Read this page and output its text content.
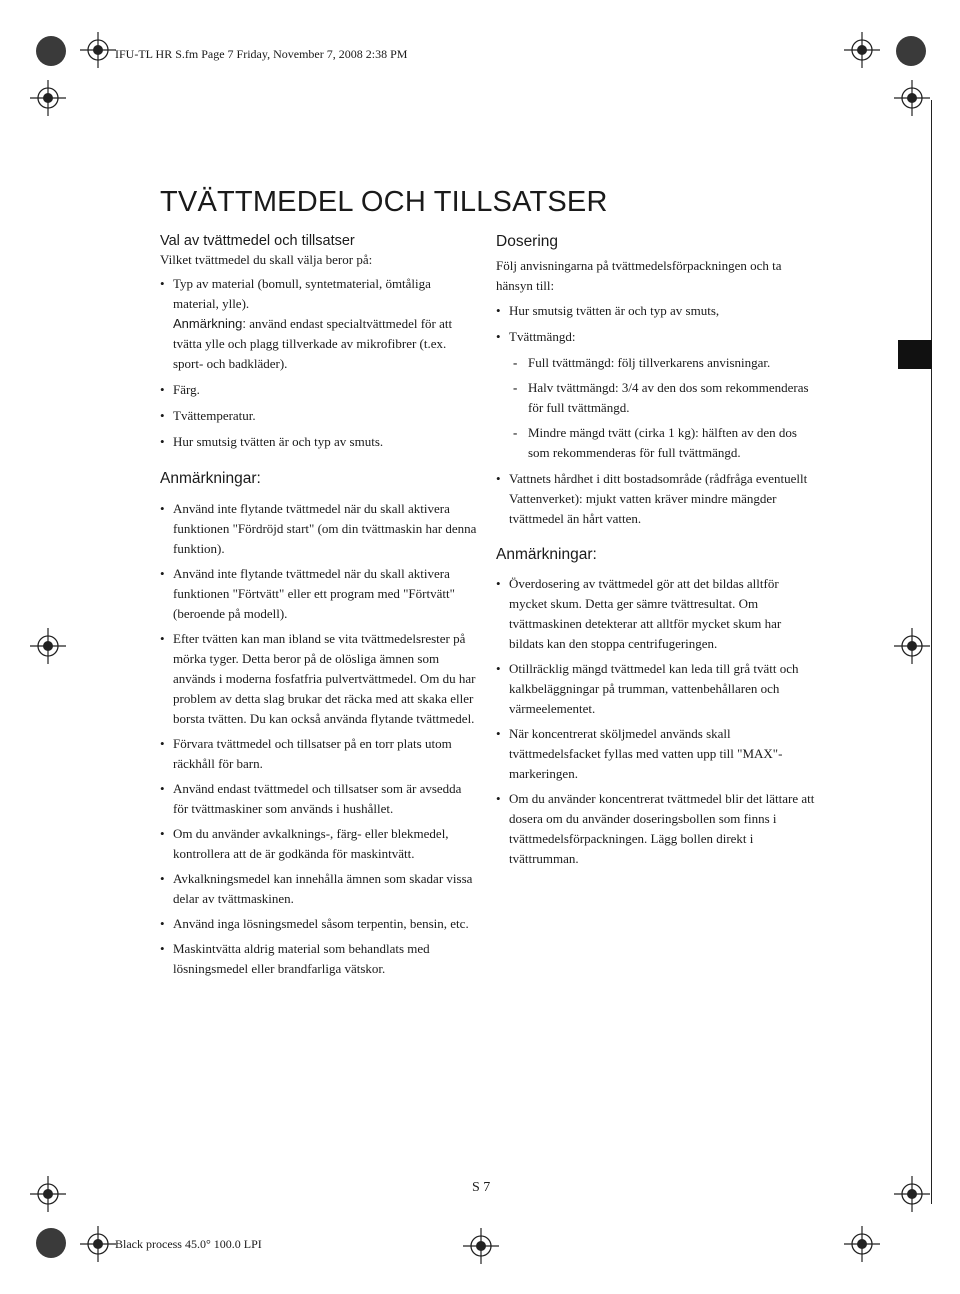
IFU-TL HR S.fm Page 7 Friday, November 7, 2008 2:38 PM
Black process 45.0° 100.0 LPI
S 7
TVÄTTMEDEL OCH TILLSATSER
Val av tvättmedel och tillsatser

Vilket tvättmedel du skall välja beror på:

• Typ av material (bomull, syntetmaterial, ömtåliga material, ylle).
Anmärkning: använd endast specialtvättmedel för att tvätta ylle och plagg tillverkade av mikrofibrer (t.ex. sport- och badkläder).
• Färg.
• Tvättemperatur.
• Hur smutsig tvätten är och typ av smuts.
Anmärkningar:
• Använd inte flytande tvättmedel när du skall aktivera funktionen "Fördröjd start" (om din tvättmaskin har denna funktion).
• Använd inte flytande tvättmedel när du skall aktivera funktionen "Förtvätt" eller ett program med "Förtvätt" (beroende på modell).
• Efter tvätten kan man ibland se vita tvättmedelsrester på mörka tyger. Detta beror på de olösliga ämnen som används i moderna fosfatfria pulvertvättmedel. Om du har problem av detta slag brukar det räcka med att skaka eller borsta tvätten. Du kan också använda flytande tvättmedel.
• Förvara tvättmedel och tillsatser på en torr plats utom räckhåll för barn.
• Använd endast tvättmedel och tillsatser som är avsedda för tvättmaskiner som används i hushållet.
• Om du använder avkalknings-, färg- eller blekmedel, kontrollera att de är godkända för maskintvätt.
• Avkalkningsmedel kan innehålla ämnen som skadar vissa delar av tvättmaskinen.
• Använd inga lösningsmedel såsom terpentin, bensin, etc.
• Maskintvätta aldrig material som behandlats med lösningsmedel eller brandfarliga vätskor.
Dosering

Följ anvisningarna på tvättmedelsförpackningen och ta hänsyn till:

• Hur smutsig tvätten är och typ av smuts,
• Tvättmängd:
- Full tvättmängd: följ tillverkarens anvisningar.
- Halv tvättmängd: 3/4 av den dos som rekommenderas för full tvättmängd.
- Mindre mängd tvätt (cirka 1 kg): hälften av den dos som rekommenderas för full tvättmängd.
• Vattnets hårdhet i ditt bostadsområde (rådfråga eventuellt Vattenverket): mjukt vatten kräver mindre mängder tvättmedel än hårt vatten.
Anmärkningar:
• Överdosering av tvättmedel gör att det bildas alltför mycket skum. Detta ger sämre tvättresultat. Om tvättmaskinen detekterar att alltför mycket skum har bildats kan den stoppa centrifugeringen.
• Otillräcklig mängd tvättmedel kan leda till grå tvätt och kalkbeläggningar på trumman, vattenbehållaren och värmeelementet.
• När koncentrerat sköljmedel används skall tvättmedelsfacket fyllas med vatten upp till "MAX"-markeringen.
• Om du använder koncentrerat tvättmedel blir det lättare att dosera om du använder doseringsbollen som finns i tvättmedelsförpackningen. Lägg bollen direkt i tvättrumman.
